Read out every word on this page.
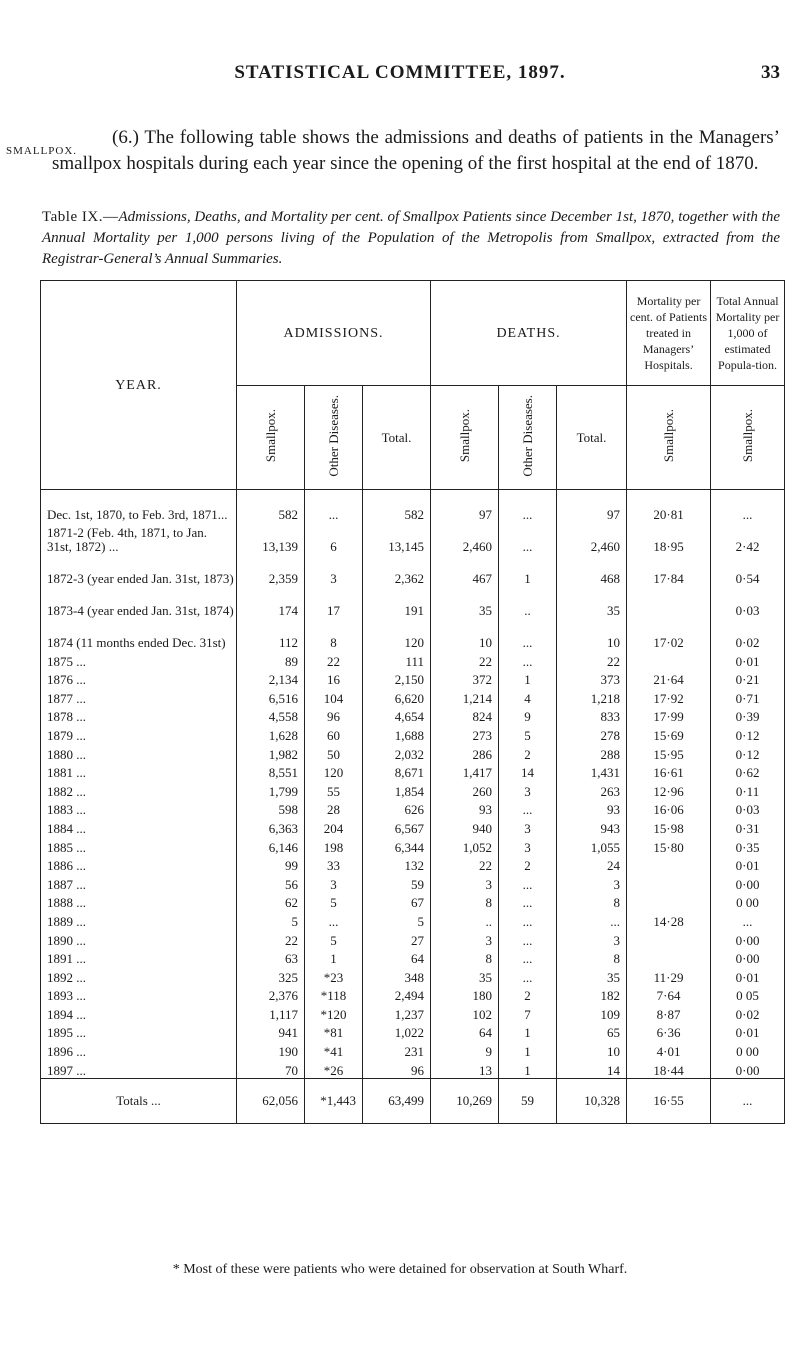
STATISTICAL COMMITTEE, 1897.	33
SMALLPOX.

(6.) The following table shows the admissions and deaths of patients in the Managers’ smallpox hospitals during each year since the opening of the first hospital at the end of 1870.

Table IX.—Admissions, Deaths, and Mortality per cent. of Smallpox Patients since December 1st, 1870, together with the Annual Mortality per 1,000 persons living of the Population of the Metropolis from Smallpox, extracted from the Registrar-General’s Annual Summaries.
YEAR.	ADMISSIONS.			DEATHS.			Mortality per cent. of Patients treated in Managers’ Hospitals.	Total Annual Mortality per 1,000 of estimated Popula-tion.
	Smallpox.	Other Diseases.	Total.	Smallpox.	Other Diseases.	Total.	Smallpox.	Smallpox.
Dec. 1st, 1870, to Feb. 3rd, 1871...	582	...	582	97	...	97	20·81	...
1871-2 (Feb. 4th, 1871, to Jan. 31st, 1872) ...	13,139	6	13,145	2,460	...	2,460	18·95	2·42
1872-3 (year ended Jan. 31st, 1873)	2,359	3	2,362	467	1	468	17·84	0·54
1873-4 (year ended Jan. 31st, 1874)	174	17	191	35	..	35		0·03
1874 (11 months ended Dec. 31st)	112	8	120	10	...	10	17·02	0·02
1875 ...	89	22	111	22	...	22		0·01
1876 ...	2,134	16	2,150	372	1	373	21·64	0·21
1877 ...	6,516	104	6,620	1,214	4	1,218	17·92	0·71
1878 ...	4,558	96	4,654	824	9	833	17·99	0·39
1879 ...	1,628	60	1,688	273	5	278	15·69	0·12
1880 ...	1,982	50	2,032	286	2	288	15·95	0·12
1881 ...	8,551	120	8,671	1,417	14	1,431	16·61	0·62
1882 ...	1,799	55	1,854	260	3	263	12·96	0·11
1883 ...	598	28	626	93	...	93	16·06	0·03
1884 ...	6,363	204	6,567	940	3	943	15·98	0·31
1885 ...	6,146	198	6,344	1,052	3	1,055	15·80	0·35
1886 ...	99	33	132	22	2	24		0·01
1887 ...	56	3	59	3	...	3		0·00
1888 ...	62	5	67	8	...	8		0 00
1889 ...	5	...	5	..	...	...	14·28	...
1890 ...	22	5	27	3	...	3		0·00
1891 ...	63	1	64	8	...	8		0·00
1892 ...	325	*23	348	35	...	35	11·29	0·01
1893 ...	2,376	*118	2,494	180	2	182	7·64	0 05
1894 ...	1,117	*120	1,237	102	7	109	8·87	0·02
1895 ...	941	*81	1,022	64	1	65	6·36	0·01
1896 ...	190	*41	231	9	1	10	4·01	0 00
1897 ...	70	*26	96	13	1	14	18·44	0·00
Totals ...	62,056	*1,443	63,499	10,269	59	10,328	16·55	...
* Most of these were patients who were detained for observation at South Wharf.
